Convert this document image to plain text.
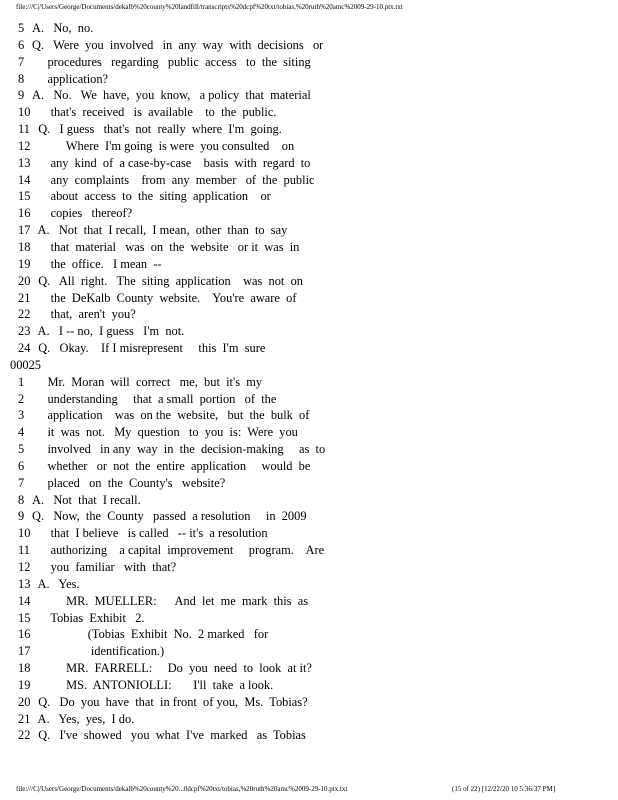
file:///C|/Users/George/Documents/dekalb%20county%20landfill/transcripts%20dcpf%20txt/tobias,%20ruth%20amc%2009-29-10.ptx.txt
5 A.   No,  no.
6 Q.   Were  you  involved   in  any  way  with  decisions   or
7 procedures   regarding   public  access   to  the  siting
8 application?
9 A.   No.   We  have,  you  know,   a policy  that  material
10 that's  received   is  available    to  the  public.
11 Q.   I guess   that's  not  really  where  I'm  going.
12 Where  I'm going  is were  you consulted    on
13 any  kind  of  a case-by-case    basis  with  regard  to
14 any  complaints    from  any  member   of  the  public
15 about  access  to  the  siting  application    or
16 copies   thereof?
17 A.   Not  that  I recall,  I mean,  other  than  to  say
18 that  material   was  on  the  website   or it  was  in
19 the  office.   I mean  --
20 Q.   All  right.   The  siting  application    was  not  on
21 the  DeKalb  County  website.    You're  aware  of
22 that,  aren't  you?
23 A.   I -- no,  I guess   I'm  not.
24 Q.   Okay.    If I misrepresent     this  I'm  sure
00025
1 Mr.  Moran  will  correct   me,  but  it's  my
2 understanding     that  a small  portion   of  the
3 application    was  on the  website,   but  the  bulk  of
4 it  was  not.   My  question   to  you  is:  Were  you
5 involved   in any  way  in  the  decision-making     as  to
6 whether   or  not  the  entire  application     would  be
7 placed   on  the  County's   website?
8 A.   Not  that  I recall.
9 Q.   Now,  the  County   passed  a resolution     in  2009
10 that  I believe   is called   -- it's  a resolution
11 authorizing    a capital  improvement     program.    Are
12 you  familiar   with  that?
13 A.   Yes.
14 MR.  MUELLER:      And  let  me  mark  this  as
15 Tobias  Exhibit   2.
16 (Tobias  Exhibit  No.  2 marked   for
17 identification.)
18 MR.  FARRELL:     Do  you  need  to  look  at it?
19 MS.  ANTONIOLLI:       I'll  take  a look.
20 Q.   Do  you  have  that  in front  of you,  Ms.  Tobias?
21 A.   Yes,  yes,  I do.
22 Q.   I've  showed   you  what  I've  marked   as  Tobias
file:///C|/Users/George/Documents/dekalb%20county%20...0dcpf%20txt/tobias,%20ruth%20amc%2009-29-10.ptx.txt	(15 of 22) [12/22/20 10 5:36:37 PM]
